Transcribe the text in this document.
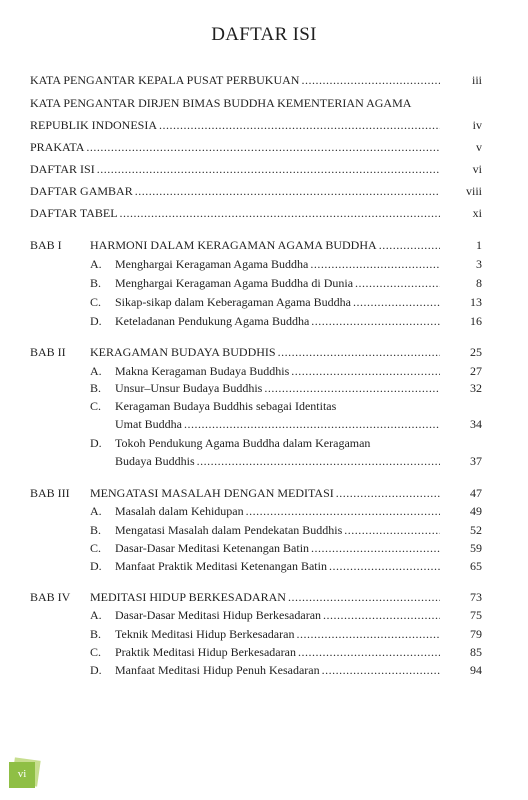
DAFTAR ISI
KATA PENGANTAR KEPALA PUSAT PERBUKUAN .....	iii
KATA PENGANTAR DIRJEN BIMAS BUDDHA KEMENTERIAN AGAMA
REPUBLIK INDONESIA .....	iv
PRAKATA .....	v
DAFTAR ISI .....	vi
DAFTAR GAMBAR .....	viii
DAFTAR TABEL .....	xi
BAB I HARMONI DALAM KERAGAMAN AGAMA BUDDHA .....	1
A. Menghargai Keragaman Agama Buddha .....	3
B. Menghargai Keragaman Agama Buddha di Dunia .....	8
C. Sikap-sikap dalam Keberagaman Agama Buddha .....	13
D. Keteladanan Pendukung Agama Buddha .....	16
BAB II KERAGAMAN BUDAYA BUDDHIS .....	25
A. Makna Keragaman Budaya Buddhis .....	27
B. Unsur–Unsur Budaya Buddhis .....	32
C. Keragaman Budaya Buddhis sebagai Identitas
Umat Buddha .....	34
D. Tokoh Pendukung Agama Buddha dalam Keragaman
Budaya Buddhis .....	37
BAB III MENGATASI MASALAH DENGAN MEDITASI .....	47
A. Masalah dalam Kehidupan .....	49
B. Mengatasi Masalah dalam Pendekatan Buddhis .....	52
C. Dasar-Dasar Meditasi Ketenangan Batin .....	59
D. Manfaat Praktik Meditasi Ketenangan Batin .....	65
BAB IV MEDITASI HIDUP BERKESADARAN .....	73
A. Dasar-Dasar Meditasi Hidup Berkesadaran .....	75
B. Teknik Meditasi Hidup Berkesadaran .....	79
C. Praktik Meditasi Hidup Berkesadaran .....	85
D. Manfaat Meditasi Hidup Penuh Kesadaran .....	94
vi
